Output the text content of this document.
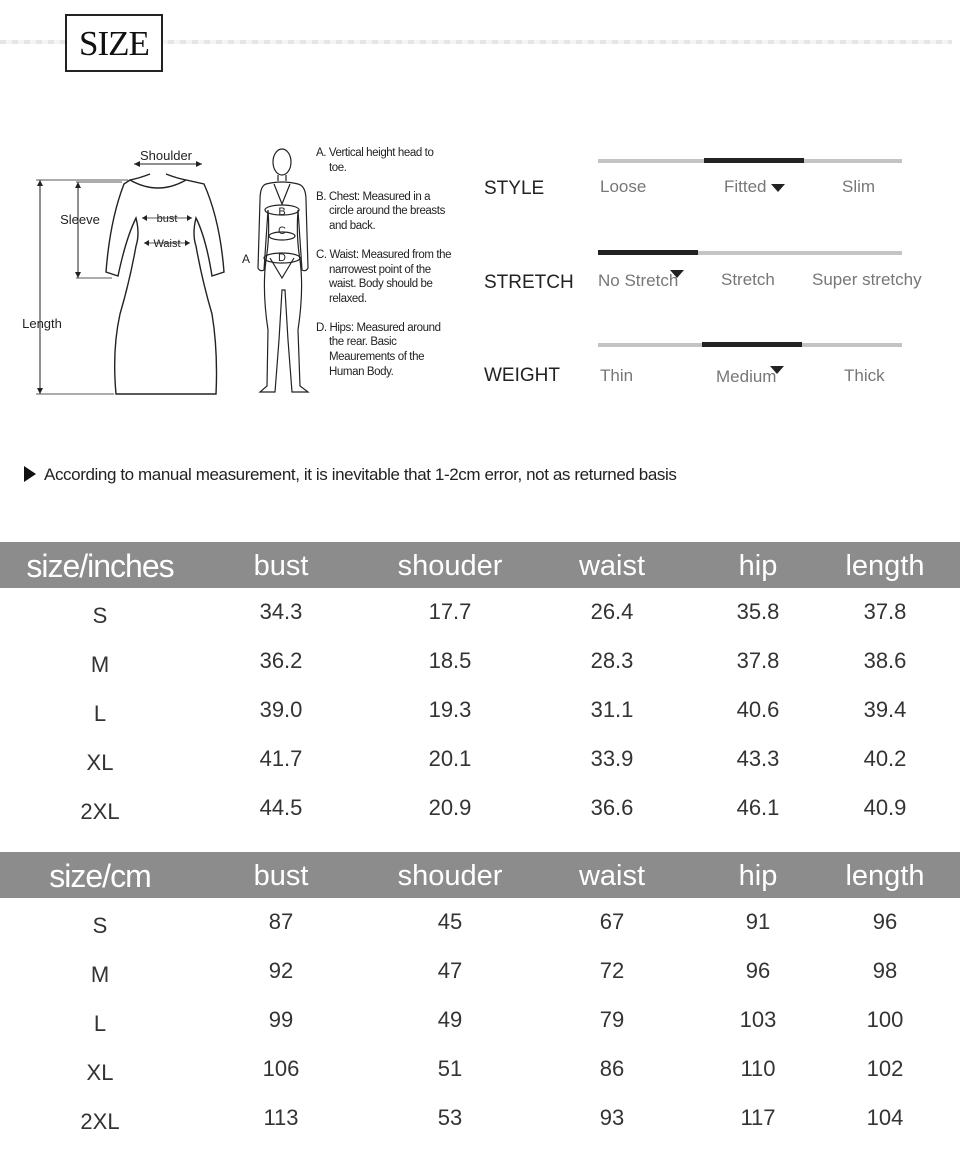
SIZE
Shoulder
Sleeve
Length
bust
Waist
A
B
C
D
A. Vertical height head to toe.
B. Chest: Measured in a circle around the breasts and back.
C. Waist: Measured from the narrowest point of the waist. Body should be relaxed.
D. Hips: Measured around the rear. Basic Meaurements of the Human Body.
STYLE	Loose	Fitted	Slim
STRETCH No Stretch	Stretch Super stretchy
WEIGHT Thin	Medium	Thick
According to manual measurement, it is inevitable that 1-2cm error, not as returned basis
size/inches	bust	shouder	waist	hip	length
S	34.3	17.7	26.4	35.8	37.8
M	36.2	18.5	28.3	37.8	38.6
L	39.0	19.3	31.1	40.6	39.4
XL	41.7	20.1	33.9	43.3	40.2
2XL	44.5	20.9	36.6	46.1	40.9
size/cm	bust	shouder	waist	hip	length
S	87	45	67	91	96
M	92	47	72	96	98
L	99	49	79	103	100
XL	106	51	86	110	102
2XL	113	53	93	117	104
